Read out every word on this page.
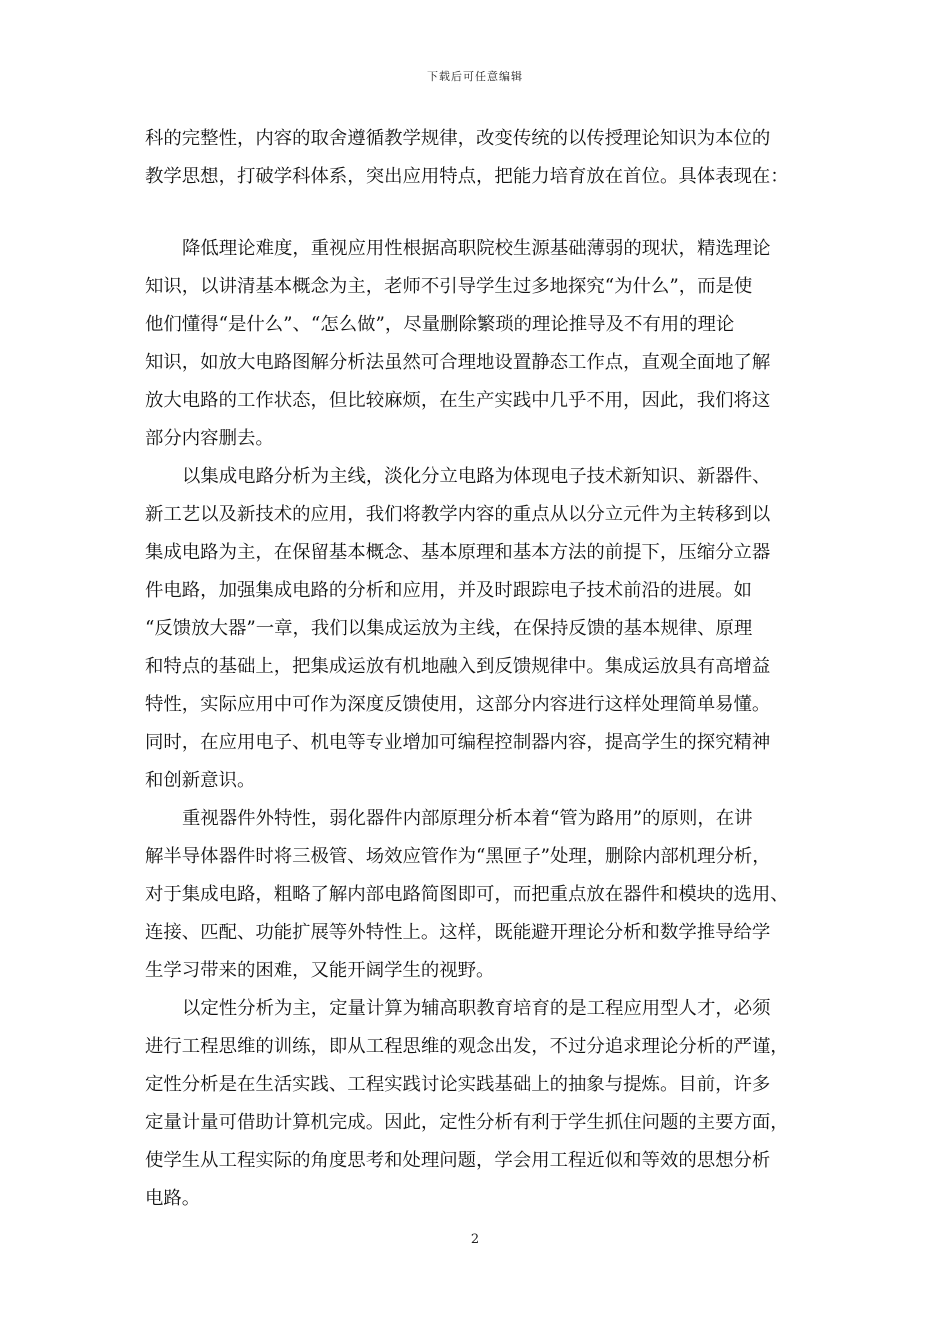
下载后可任意编辑
科的完整性，内容的取舍遵循教学规律，改变传统的以传授理论知识为本位的
教学思想，打破学科体系，突出应用特点，把能力培育放在首位。具体表现在：
降低理论难度，重视应用性根据高职院校生源基础薄弱的现状，精选理论
知识，以讲清基本概念为主，老师不引导学生过多地探究“为什么”，而是使
他们懂得“是什么”、“怎么做”，尽量删除繁琐的理论推导及不有用的理论
知识，如放大电路图解分析法虽然可合理地设置静态工作点，直观全面地了解
放大电路的工作状态，但比较麻烦，在生产实践中几乎不用，因此，我们将这
部分内容删去。
以集成电路分析为主线，淡化分立电路为体现电子技术新知识、新器件、
新工艺以及新技术的应用，我们将教学内容的重点从以分立元件为主转移到以
集成电路为主，在保留基本概念、基本原理和基本方法的前提下，压缩分立器
件电路，加强集成电路的分析和应用，并及时跟踪电子技术前沿的进展。如
“反馈放大器”一章，我们以集成运放为主线，在保持反馈的基本规律、原理
和特点的基础上，把集成运放有机地融入到反馈规律中。集成运放具有高增益
特性，实际应用中可作为深度反馈使用，这部分内容进行这样处理简单易懂。
同时，在应用电子、机电等专业增加可编程控制器内容，提高学生的探究精神
和创新意识。
重视器件外特性，弱化器件内部原理分析本着“管为路用”的原则，在讲
解半导体器件时将三极管、场效应管作为“黑匣子”处理，删除内部机理分析，
对于集成电路，粗略了解内部电路简图即可，而把重点放在器件和模块的选用、
连接、匹配、功能扩展等外特性上。这样，既能避开理论分析和数学推导给学
生学习带来的困难，又能开阔学生的视野。
以定性分析为主，定量计算为辅高职教育培育的是工程应用型人才，必须
进行工程思维的训练，即从工程思维的观念出发，不过分追求理论分析的严谨，
定性分析是在生活实践、工程实践讨论实践基础上的抽象与提炼。目前，许多
定量计量可借助计算机完成。因此，定性分析有利于学生抓住问题的主要方面，
使学生从工程实际的角度思考和处理问题，学会用工程近似和等效的思想分析
电路。
2
